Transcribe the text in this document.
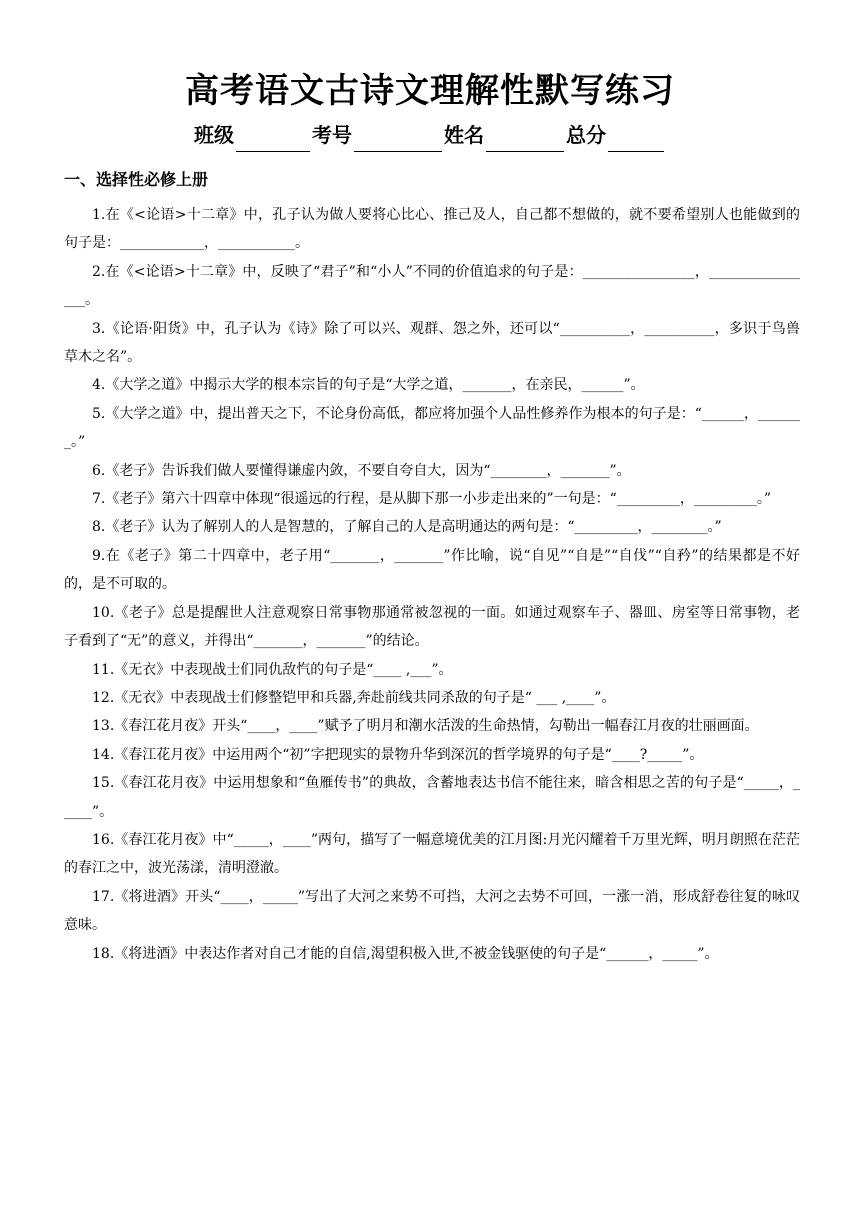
高考语文古诗文理解性默写练习
班级	考号	姓名	总分
一、选择性必修上册

1.在《<论语>十二章》中，孔子认为做人要将心比心、推己及人，自己都不想做的，就不要希望别人也能做到的句子是：____________，___________。

2.在《<论语>十二章》中，反映了“君子”和“小人”不同的价值追求的句子是：________________，________________。

3.《论语·阳货》中，孔子认为《诗》除了可以兴、观群、怨之外，还可以“__________，__________，多识于鸟兽草木之名”。

4.《大学之道》中揭示大学的根本宗旨的句子是“大学之道，_______，在亲民，______”。

5.《大学之道》中，提出普天之下，不论身份高低，都应将加强个人品性修养作为根本的句子是：“______，_______。”

6.《老子》告诉我们做人要懂得谦虚内敛，不要自夸自大，因为“________，_______”。

7.《老子》第六十四章中体现“很遥远的行程，是从脚下那一小步走出来的”一句是：“_________，_________。”

8.《老子》认为了解别人的人是智慧的，了解自己的人是高明通达的两句是：“_________，________。”

9.在《老子》第二十四章中，老子用“_______，_______”作比喻，说“自见”“自是”“自伐”“自矜”的结果都是不好的，是不可取的。

10.《老子》总是提醒世人注意观察日常事物那通常被忽视的一面。如通过观察车子、器皿、房室等日常事物，老子看到了“无”的意义，并得出“_______，_______”的结论。

11.《无衣》中表现战士们同仇敌忾的句子是“____ ,___”。

12.《无衣》中表现战士们修整铠甲和兵器,奔赴前线共同杀敌的句子是“ ___ ,____”。

13.《春江花月夜》开头“____，____”赋予了明月和潮水活泼的生命热情，勾勒出一幅春江月夜的壮丽画面。

14.《春江花月夜》中运用两个“初”字把现实的景物升华到深沉的哲学境界的句子是“____?_____”。

15.《春江花月夜》中运用想象和“鱼雁传书”的典故，含蓄地表达书信不能往来，暗含相思之苦的句子是“_____，_____”。

16.《春江花月夜》中“_____，____”两句，描写了一幅意境优美的江月图:月光闪耀着千万里光辉，明月朗照在茫茫的春江之中，波光荡漾，清明澄澈。

17.《将进酒》开头“____，_____”写出了大河之来势不可挡，大河之去势不可回，一涨一消，形成舒卷往复的咏叹意味。

18.《将进酒》中表达作者对自己才能的自信,渴望积极入世,不被金钱驱使的句子是“______，_____”。
